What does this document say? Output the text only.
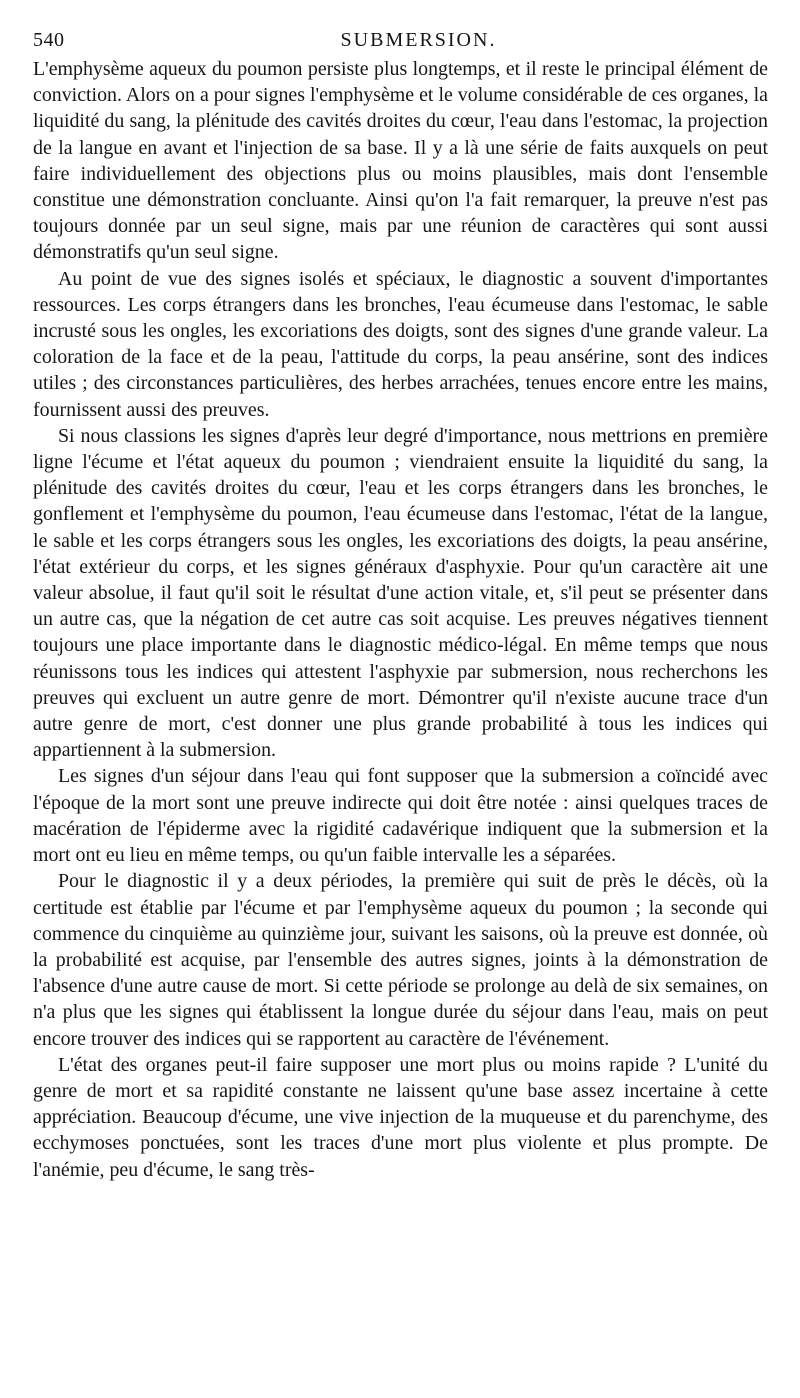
540	SUBMERSION.

L'emphysème aqueux du poumon persiste plus longtemps, et il reste le principal élément de conviction. Alors on a pour signes l'emphysème et le volume considérable de ces organes, la liquidité du sang, la plénitude des cavités droites du cœur, l'eau dans l'estomac, la projection de la langue en avant et l'injection de sa base. Il y a là une série de faits auxquels on peut faire individuellement des objections plus ou moins plausibles, mais dont l'ensemble constitue une démonstration concluante. Ainsi qu'on l'a fait remarquer, la preuve n'est pas toujours donnée par un seul signe, mais par une réunion de caractères qui sont aussi démonstratifs qu'un seul signe.

Au point de vue des signes isolés et spéciaux, le diagnostic a souvent d'importantes ressources. Les corps étrangers dans les bronches, l'eau écumeuse dans l'estomac, le sable incrusté sous les ongles, les excoriations des doigts, sont des signes d'une grande valeur. La coloration de la face et de la peau, l'attitude du corps, la peau ansérine, sont des indices utiles ; des circonstances particulières, des herbes arrachées, tenues encore entre les mains, fournissent aussi des preuves.

Si nous classions les signes d'après leur degré d'importance, nous mettrions en première ligne l'écume et l'état aqueux du poumon ; viendraient ensuite la liquidité du sang, la plénitude des cavités droites du cœur, l'eau et les corps étrangers dans les bronches, le gonflement et l'emphysème du poumon, l'eau écumeuse dans l'estomac, l'état de la langue, le sable et les corps étrangers sous les ongles, les excoriations des doigts, la peau ansérine, l'état extérieur du corps, et les signes généraux d'asphyxie. Pour qu'un caractère ait une valeur absolue, il faut qu'il soit le résultat d'une action vitale, et, s'il peut se présenter dans un autre cas, que la négation de cet autre cas soit acquise. Les preuves négatives tiennent toujours une place importante dans le diagnostic médico-légal. En même temps que nous réunissons tous les indices qui attestent l'asphyxie par submersion, nous recherchons les preuves qui excluent un autre genre de mort. Démontrer qu'il n'existe aucune trace d'un autre genre de mort, c'est donner une plus grande probabilité à tous les indices qui appartiennent à la submersion.

Les signes d'un séjour dans l'eau qui font supposer que la submersion a coïncidé avec l'époque de la mort sont une preuve indirecte qui doit être notée : ainsi quelques traces de macération de l'épiderme avec la rigidité cadavérique indiquent que la submersion et la mort ont eu lieu en même temps, ou qu'un faible intervalle les a séparées.

Pour le diagnostic il y a deux périodes, la première qui suit de près le décès, où la certitude est établie par l'écume et par l'emphysème aqueux du poumon ; la seconde qui commence du cinquième au quinzième jour, suivant les saisons, où la preuve est donnée, où la probabilité est acquise, par l'ensemble des autres signes, joints à la démonstration de l'absence d'une autre cause de mort. Si cette période se prolonge au delà de six semaines, on n'a plus que les signes qui établissent la longue durée du séjour dans l'eau, mais on peut encore trouver des indices qui se rapportent au caractère de l'événement.

L'état des organes peut-il faire supposer une mort plus ou moins rapide ? L'unité du genre de mort et sa rapidité constante ne laissent qu'une base assez incertaine à cette appréciation. Beaucoup d'écume, une vive injection de la muqueuse et du parenchyme, des ecchymoses ponctuées, sont les traces d'une mort plus violente et plus prompte. De l'anémie, peu d'écume, le sang très-
